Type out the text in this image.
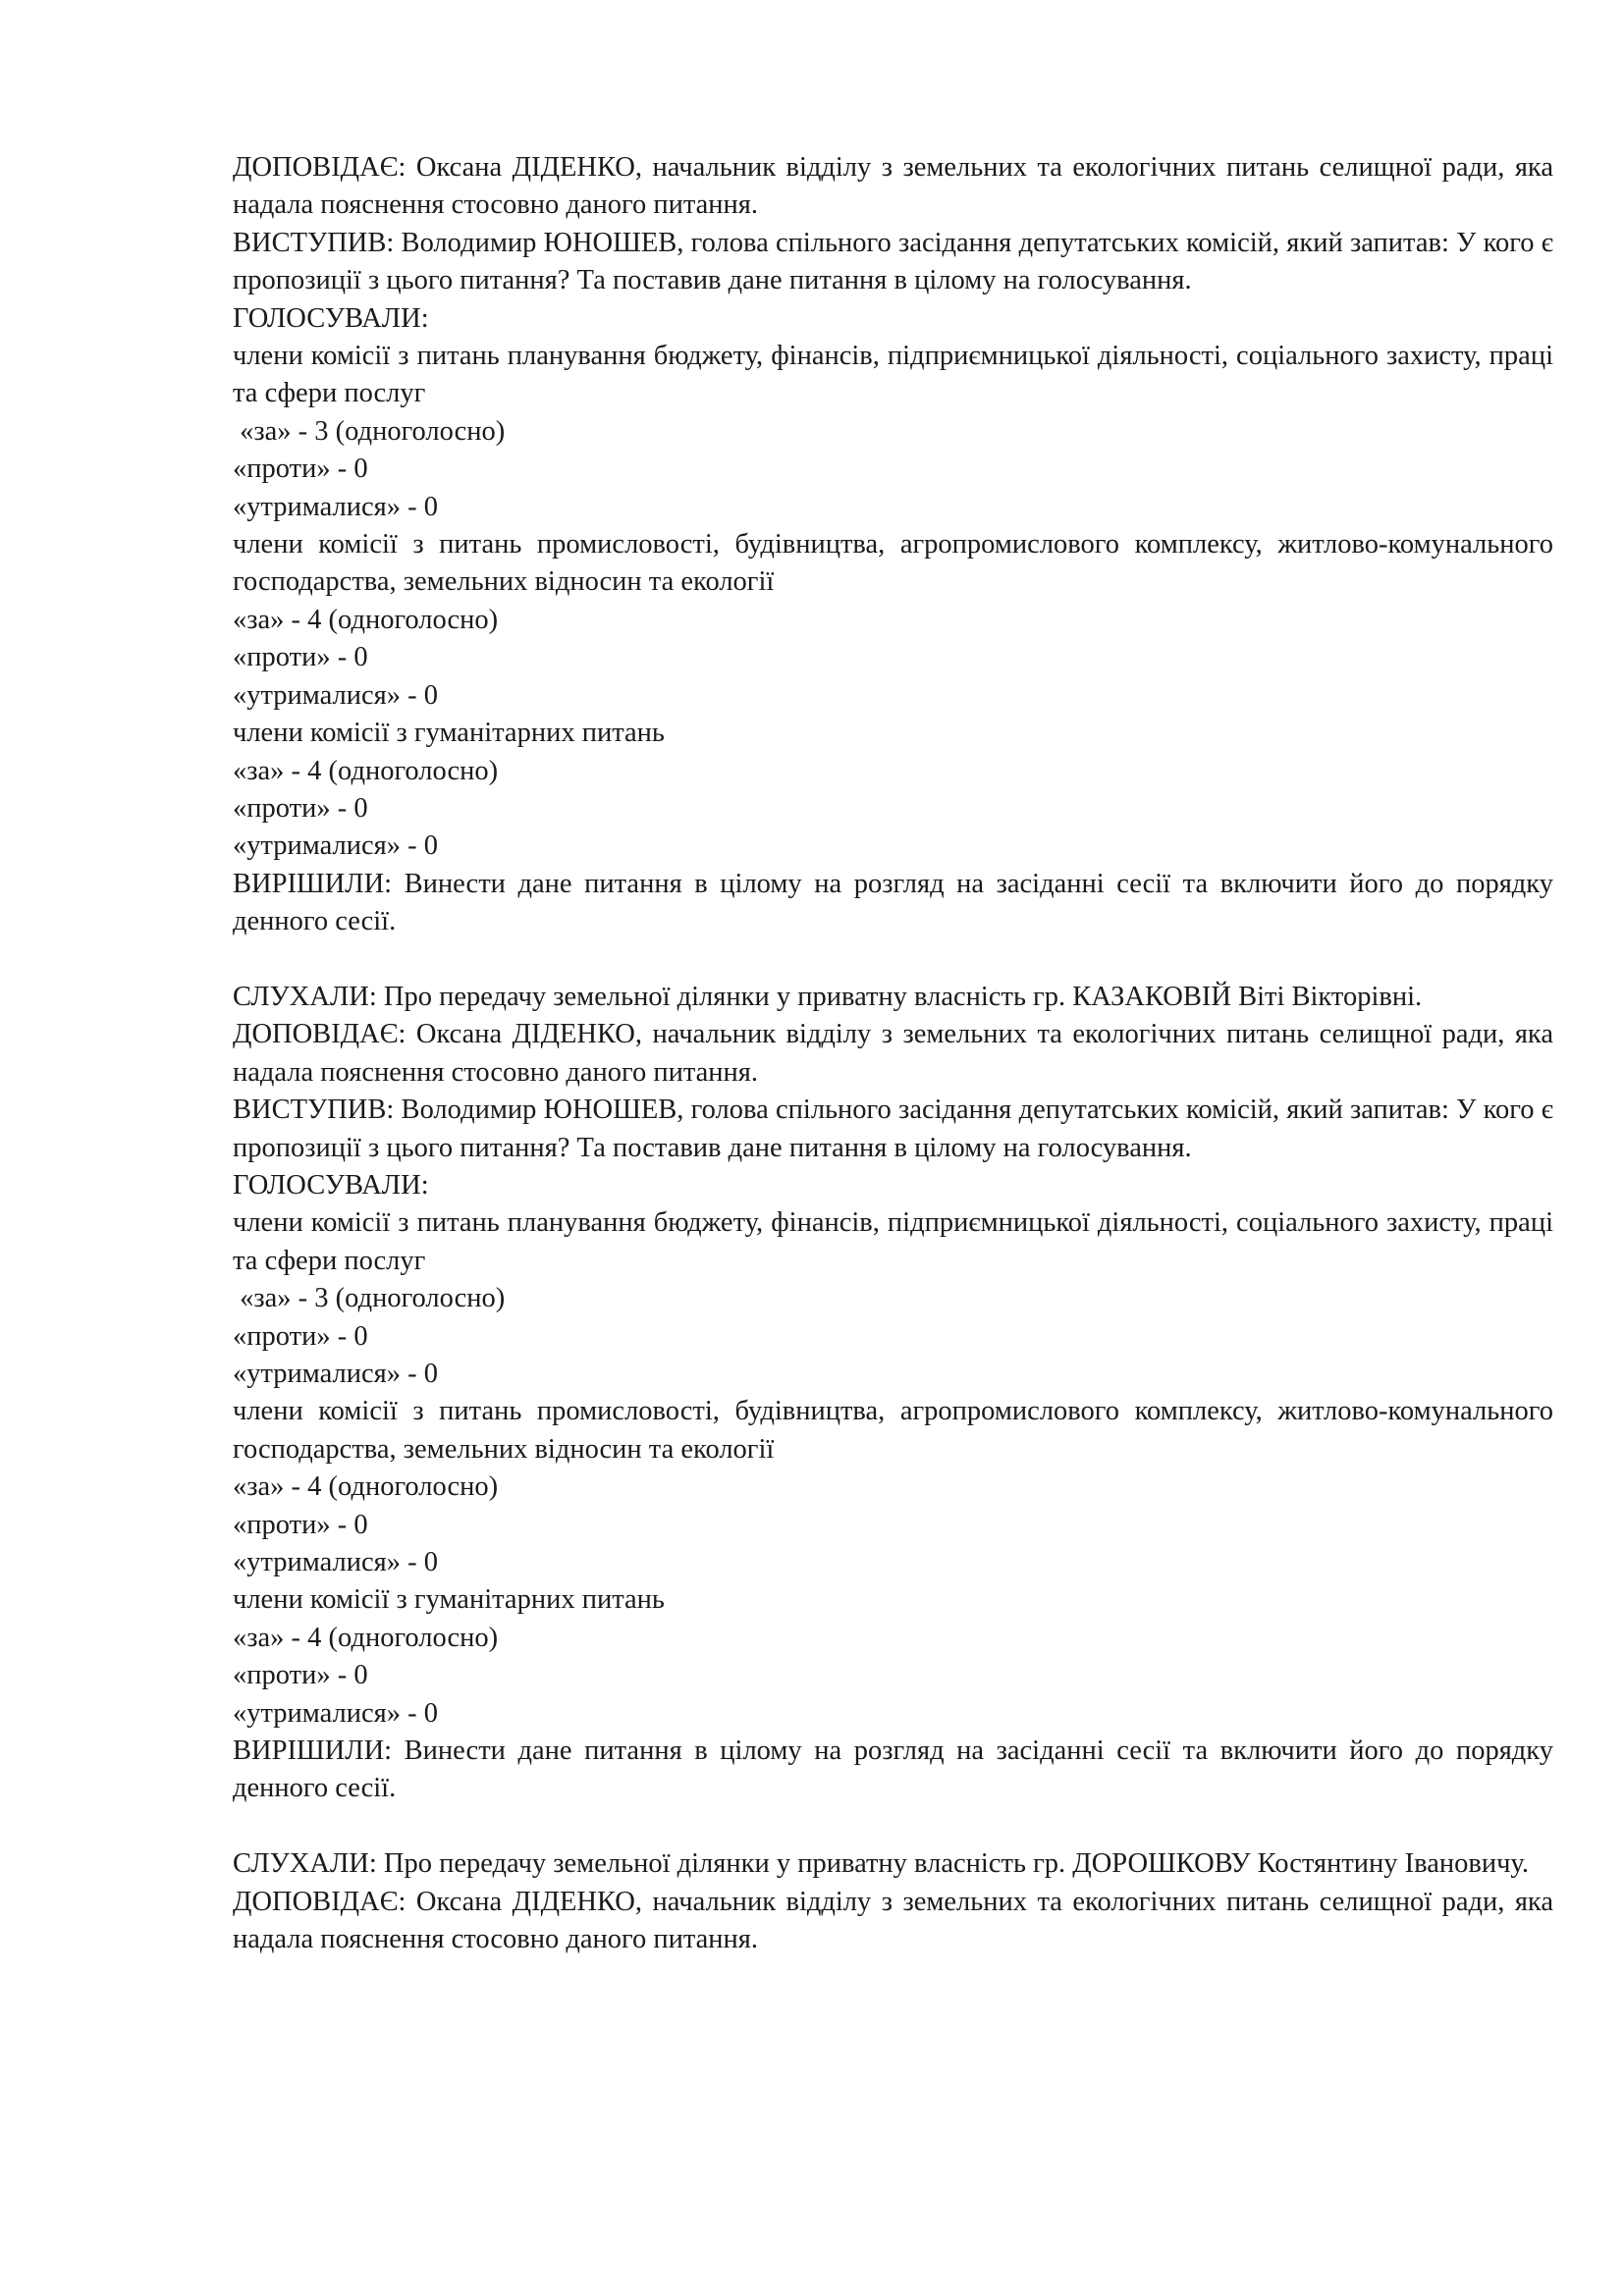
ДОПОВІДАЄ: Оксана ДІДЕНКО, начальник відділу з земельних та екологічних питань селищної ради, яка надала пояснення стосовно даного питання.

ВИСТУПИВ: Володимир ЮНОШЕВ, голова спільного засідання депутатських комісій, який запитав: У кого є пропозиції з цього питання? Та поставив дане питання в цілому на голосування.

ГОЛОСУВАЛИ:

члени комісії з питань планування бюджету, фінансів, підприємницької діяльності, соціального захисту, праці та сфери послуг

«за» - 3 (одноголосно)

«проти» - 0

«утрималися» - 0

члени комісії з питань промисловості, будівництва, агропромислового комплексу, житлово-комунального господарства, земельних відносин та екології

«за» - 4 (одноголосно)

«проти» - 0

«утрималися» - 0

члени комісії з гуманітарних питань

«за» - 4 (одноголосно)

«проти» - 0

«утрималися» - 0

ВИРІШИЛИ: Винести дане питання в цілому на розгляд на засіданні сесії та включити його до порядку денного сесії.

СЛУХАЛИ: Про передачу земельної ділянки у приватну власність гр. КАЗАКОВІЙ Віті Вікторівні.

ДОПОВІДАЄ: Оксана ДІДЕНКО, начальник відділу з земельних та екологічних питань селищної ради, яка надала пояснення стосовно даного питання.

ВИСТУПИВ: Володимир ЮНОШЕВ, голова спільного засідання депутатських комісій, який запитав: У кого є пропозиції з цього питання? Та поставив дане питання в цілому на голосування.

ГОЛОСУВАЛИ:

члени комісії з питань планування бюджету, фінансів, підприємницької діяльності, соціального захисту, праці та сфери послуг

«за» - 3 (одноголосно)

«проти» - 0

«утрималися» - 0

члени комісії з питань промисловості, будівництва, агропромислового комплексу, житлово-комунального господарства, земельних відносин та екології

«за» - 4 (одноголосно)

«проти» - 0

«утрималися» - 0

члени комісії з гуманітарних питань

«за» - 4 (одноголосно)

«проти» - 0

«утрималися» - 0

ВИРІШИЛИ: Винести дане питання в цілому на розгляд на засіданні сесії та включити його до порядку денного сесії.

СЛУХАЛИ: Про передачу земельної ділянки у приватну власність гр. ДОРОШКОВУ Костянтину Івановичу.

ДОПОВІДАЄ: Оксана ДІДЕНКО, начальник відділу з земельних та екологічних питань селищної ради, яка надала пояснення стосовно даного питання.
